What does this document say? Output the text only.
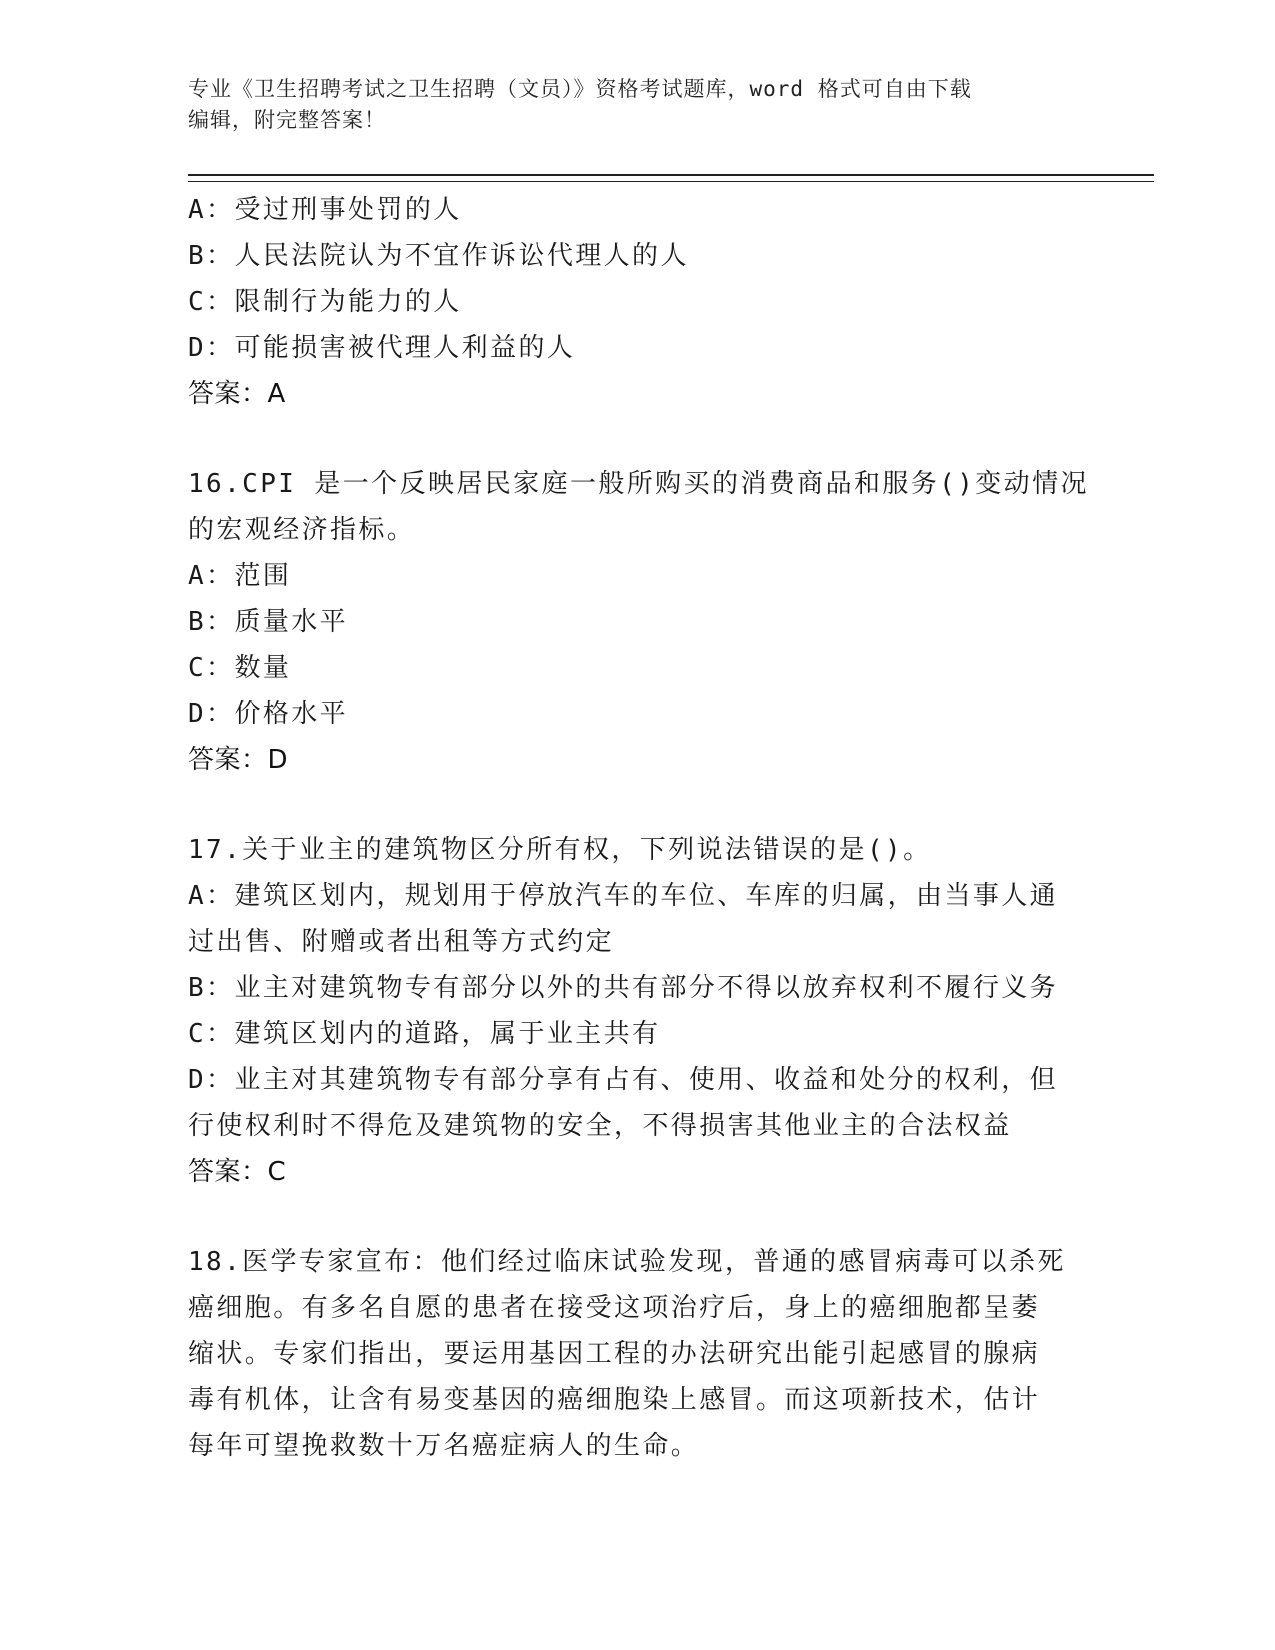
专业《卫生招聘考试之卫生招聘（文员）》资格考试题库，word 格式可自由下载
编辑，附完整答案！
A：受过刑事处罚的人
B：人民法院认为不宜作诉讼代理人的人
C：限制行为能力的人
D：可能损害被代理人利益的人
答案：A
16.CPI 是一个反映居民家庭一般所购买的消费商品和服务()变动情况
的宏观经济指标。
A：范围
B：质量水平
C：数量
D：价格水平
答案：D
17.关于业主的建筑物区分所有权，下列说法错误的是()。
A：建筑区划内，规划用于停放汽车的车位、车库的归属，由当事人通
过出售、附赠或者出租等方式约定
B：业主对建筑物专有部分以外的共有部分不得以放弃权利不履行义务
C：建筑区划内的道路，属于业主共有
D：业主对其建筑物专有部分享有占有、使用、收益和处分的权利，但
行使权利时不得危及建筑物的安全，不得损害其他业主的合法权益
答案：C
18.医学专家宣布：他们经过临床试验发现，普通的感冒病毒可以杀死
癌细胞。有多名自愿的患者在接受这项治疗后，身上的癌细胞都呈萎
缩状。专家们指出，要运用基因工程的办法研究出能引起感冒的腺病
毒有机体，让含有易变基因的癌细胞染上感冒。而这项新技术，估计
每年可望挽救数十万名癌症病人的生命。
